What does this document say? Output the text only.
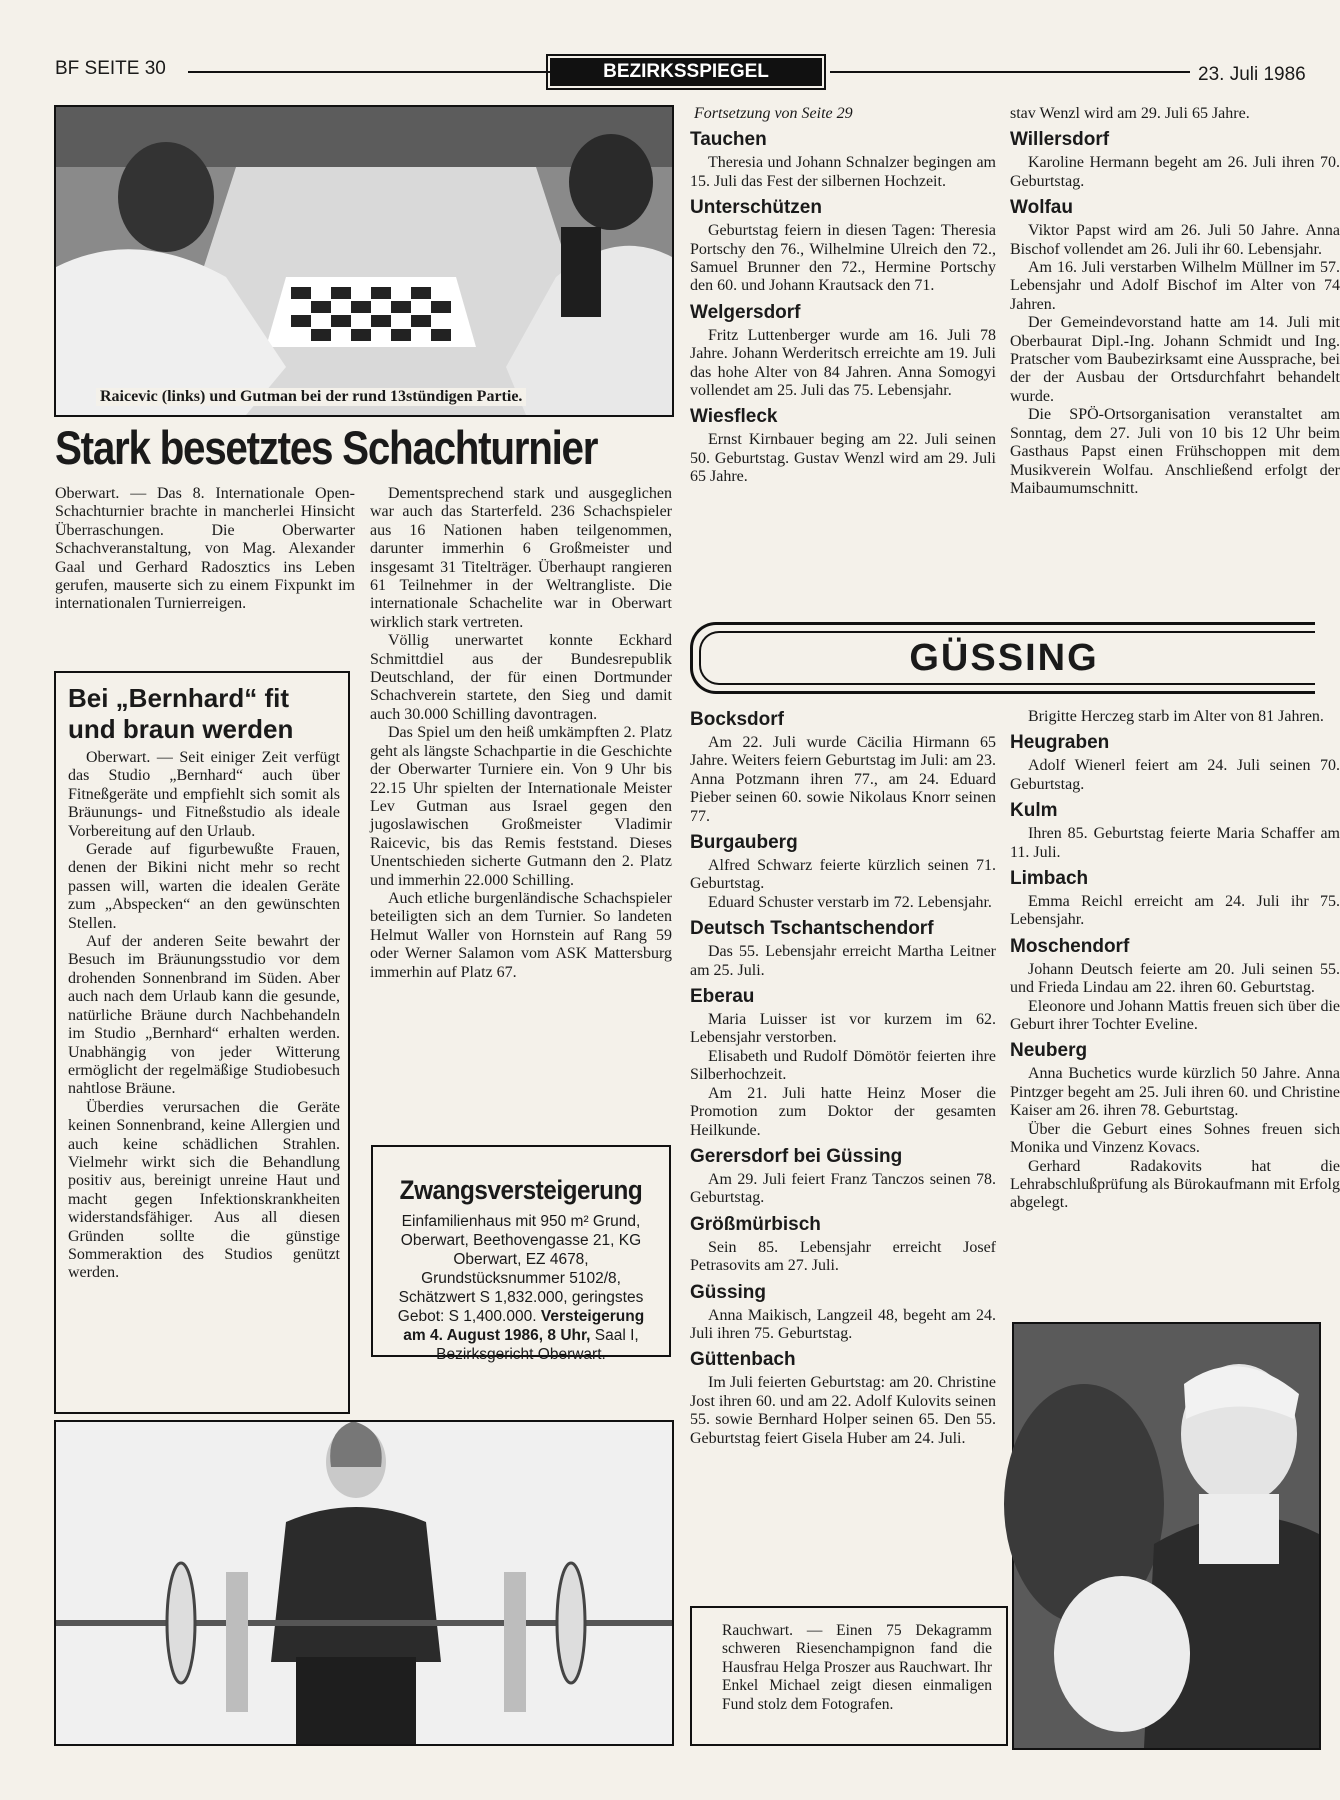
BF SEITE 30	BEZIRKSSPIEGEL	23. Juli 1986
Raicevic (links) und Gutman bei der rund 13stündigen Partie.
Stark besetztes Schachturnier
Oberwart. — Das 8. Internationale Open-Schachturnier brachte in mancherlei Hinsicht Überraschungen. Die Oberwarter Schachveranstaltung, von Mag. Alexander Gaal und Gerhard Radosztics ins Leben gerufen, mauserte sich zu einem Fixpunkt im internationalen Turnierreigen.

Dementsprechend stark und ausgeglichen war auch das Starterfeld. 236 Schachspieler aus 16 Nationen haben teilgenommen, darunter immerhin 6 Großmeister und insgesamt 31 Titelträger. Überhaupt rangieren 61 Teilnehmer in der Weltrangliste. Die internationale Schachelite war in Oberwart wirklich stark vertreten.

Völlig unerwartet konnte Eckhard Schmittdiel aus der Bundesrepublik Deutschland, der für einen Dortmunder Schachverein startete, den Sieg und damit auch 30.000 Schilling davontragen.

Das Spiel um den heiß umkämpften 2. Platz geht als längste Schachpartie in die Geschichte der Oberwarter Turniere ein. Von 9 Uhr bis 22.15 Uhr spielten der Internationale Meister Lev Gutman aus Israel gegen den jugoslawischen Großmeister Vladimir Raicevic, bis das Remis feststand. Dieses Unentschieden sicherte Gutmann den 2. Platz und immerhin 22.000 Schilling.

Auch etliche burgenländische Schachspieler beteiligten sich an dem Turnier. So landeten Helmut Waller von Hornstein auf Rang 59 oder Werner Salamon vom ASK Mattersburg immerhin auf Platz 67.

Bei „Bernhard“ fit und braun werden

Oberwart. — Seit einiger Zeit verfügt das Studio „Bernhard“ auch über Fitneßgeräte und empfiehlt sich somit als Bräunungs- und Fitneßstudio als ideale Vorbereitung auf den Urlaub.

Gerade auf figurbewußte Frauen, denen der Bikini nicht mehr so recht passen will, warten die idealen Geräte zum „Abspecken“ an den gewünschten Stellen.

Auf der anderen Seite bewahrt der Besuch im Bräunungsstudio vor dem drohenden Sonnenbrand im Süden. Aber auch nach dem Urlaub kann die gesunde, natürliche Bräune durch Nachbehandeln im Studio „Bernhard“ erhalten werden. Unabhängig von jeder Witterung ermöglicht der regelmäßige Studiobesuch nahtlose Bräune.

Überdies verursachen die Geräte keinen Sonnenbrand, keine Allergien und auch keine schädlichen Strahlen. Vielmehr wirkt sich die Behandlung positiv aus, bereinigt unreine Haut und macht gegen Infektionskrankheiten widerstandsfähiger. Aus all diesen Gründen sollte die günstige Sommeraktion des Studios genützt werden.

Zwangsversteigerung
Einfamilienhaus mit 950 m² Grund, Oberwart, Beethovengasse 21, KG Oberwart, EZ 4678, Grundstücksnummer 5102/8, Schätzwert S 1,832.000, geringstes Gebot: S 1,400.000. Versteigerung am 4. August 1986, 8 Uhr, Saal I, Bezirksgericht Oberwart.
Fortsetzung von Seite 29
Tauchen

Theresia und Johann Schnalzer begingen am 15. Juli das Fest der silbernen Hochzeit.

Unterschützen

Geburtstag feiern in diesen Tagen: Theresia Portschy den 76., Wilhelmine Ulreich den 72., Samuel Brunner den 72., Hermine Portschy den 60. und Johann Krautsack den 71.

Welgersdorf

Fritz Luttenberger wurde am 16. Juli 78 Jahre. Johann Werderitsch erreichte am 19. Juli das hohe Alter von 84 Jahren. Anna Somogyi vollendet am 25. Juli das 75. Lebensjahr.

Wiesfleck

Ernst Kirnbauer beging am 22. Juli seinen 50. Geburtstag. Gustav Wenzl wird am 29. Juli 65 Jahre.

stav Wenzl wird am 29. Juli 65 Jahre.

Willersdorf

Karoline Hermann begeht am 26. Juli ihren 70. Geburtstag.

Wolfau

Viktor Papst wird am 26. Juli 50 Jahre. Anna Bischof vollendet am 26. Juli ihr 60. Lebensjahr.

Am 16. Juli verstarben Wilhelm Müllner im 57. Lebensjahr und Adolf Bischof im Alter von 74 Jahren.

Der Gemeindevorstand hatte am 14. Juli mit Oberbaurat Dipl.-Ing. Johann Schmidt und Ing. Pratscher vom Baubezirksamt eine Aussprache, bei der der Ausbau der Ortsdurchfahrt behandelt wurde.

Die SPÖ-Ortsorganisation veranstaltet am Sonntag, dem 27. Juli von 10 bis 12 Uhr beim Gasthaus Papst einen Frühschoppen mit dem Musikverein Wolfau. Anschließend erfolgt der Maibaumumschnitt.

GÜSSING
Bocksdorf

Am 22. Juli wurde Cäcilia Hirmann 65 Jahre. Weiters feiern Geburtstag im Juli: am 23. Anna Potzmann ihren 77., am 24. Eduard Pieber seinen 60. sowie Nikolaus Knorr seinen 77.

Burgauberg

Alfred Schwarz feierte kürzlich seinen 71. Geburtstag.

Eduard Schuster verstarb im 72. Lebensjahr.

Deutsch Tschantschendorf

Das 55. Lebensjahr erreicht Martha Leitner am 25. Juli.

Eberau

Maria Luisser ist vor kurzem im 62. Lebensjahr verstorben.

Elisabeth und Rudolf Dömötör feierten ihre Silberhochzeit.

Am 21. Juli hatte Heinz Moser die Promotion zum Doktor der gesamten Heilkunde.

Gerersdorf bei Güssing

Am 29. Juli feiert Franz Tanczos seinen 78. Geburtstag.

Größmürbisch

Sein 85. Lebensjahr erreicht Josef Petrasovits am 27. Juli.

Güssing

Anna Maikisch, Langzeil 48, begeht am 24. Juli ihren 75. Geburtstag.

Güttenbach

Im Juli feierten Geburtstag: am 20. Christine Jost ihren 60. und am 22. Adolf Kulovits seinen 55. sowie Bernhard Holper seinen 65. Den 55. Geburtstag feiert Gisela Huber am 24. Juli.

Brigitte Herczeg starb im Alter von 81 Jahren.

Heugraben

Adolf Wienerl feiert am 24. Juli seinen 70. Geburtstag.

Kulm

Ihren 85. Geburtstag feierte Maria Schaffer am 11. Juli.

Limbach

Emma Reichl erreicht am 24. Juli ihr 75. Lebensjahr.

Moschendorf

Johann Deutsch feierte am 20. Juli seinen 55. und Frieda Lindau am 22. ihren 60. Geburtstag.

Eleonore und Johann Mattis freuen sich über die Geburt ihrer Tochter Eveline.

Neuberg

Anna Buchetics wurde kürzlich 50 Jahre. Anna Pintzger begeht am 25. Juli ihren 60. und Christine Kaiser am 26. ihren 78. Geburtstag.

Über die Geburt eines Sohnes freuen sich Monika und Vinzenz Kovacs.

Gerhard Radakovits hat die Lehrabschlußprüfung als Bürokaufmann mit Erfolg abgelegt.

Rauchwart. — Einen 75 Dekagramm schweren Riesenchampignon fand die Hausfrau Helga Proszer aus Rauchwart. Ihr Enkel Michael zeigt diesen einmaligen Fund stolz dem Fotografen.
